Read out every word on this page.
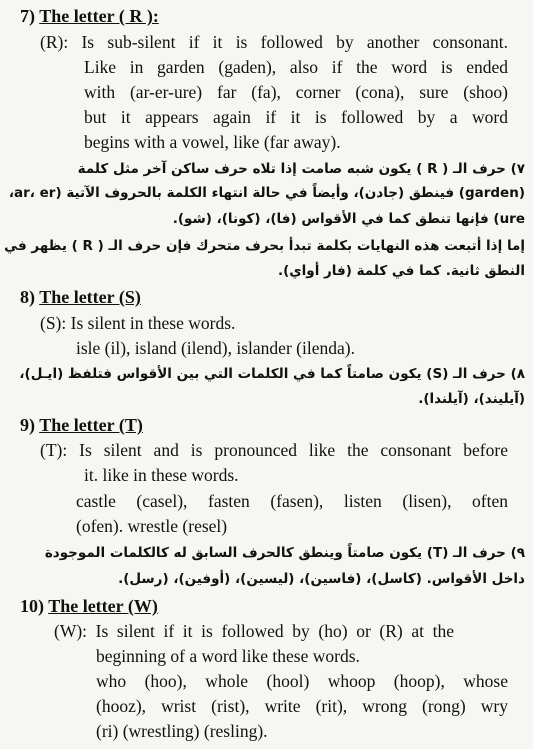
7) The letter ( R ):
(R): Is sub-silent if it is followed by another consonant.
Like in garden (gaden), also if the word is ended
with (ar-er-ure) far (fa), corner (cona), sure (shoo)
but it appears again if it is followed by a word
begins with a vowel, like (far away).
٧) حرف الـ ( R ) يكون شبه صامت إذا تلاه حرف ساكن آخر مثل كلمة
(garden) فينطق (جادن)، وأيضاً في حالة انتهاء الكلمة بالحروف الآتية (ar، er،
ure) فإنها تنطق كما في الأقواس (فا)، (كونا)، (شو).
إما إذا أتبعت هذه النهايات بكلمة تبدأ بحرف متحرك فإن حرف الـ ( R ) يظهر في
النطق ثانية. كما في كلمة (فار أواي).
8) The letter (S)
(S): Is silent in these words.
isle (il), island (ilend), islander (ilenda).
٨) حرف الـ (S) يكون صامتاً كما في الكلمات التي بين الأقواس فتلفظ (ايـل)،
(آيليند)، (آيلندا).
9) The letter (T)
(T): Is silent and is pronounced like the consonant before
it. like in these words.
castle (casel), fasten (fasen), listen (lisen), often
(ofen). wrestle (resel)
٩) حرف الـ (T) يكون صامتاً وينطق كالحرف السابق له كالكلمات الموجودة
داخل الأقواس. (كاسل)، (فاسين)، (ليسين)، (أوفين)، (رسل).
10) The letter (W)
(W): Is silent if it is followed by (ho) or (R) at the
beginning of a word like these words.
who (hoo), whole (hool) whoop (hoop), whose
(hooz), wrist (rist), write (rit), wrong (rong) wry
(ri) (wrestling) (resling).
